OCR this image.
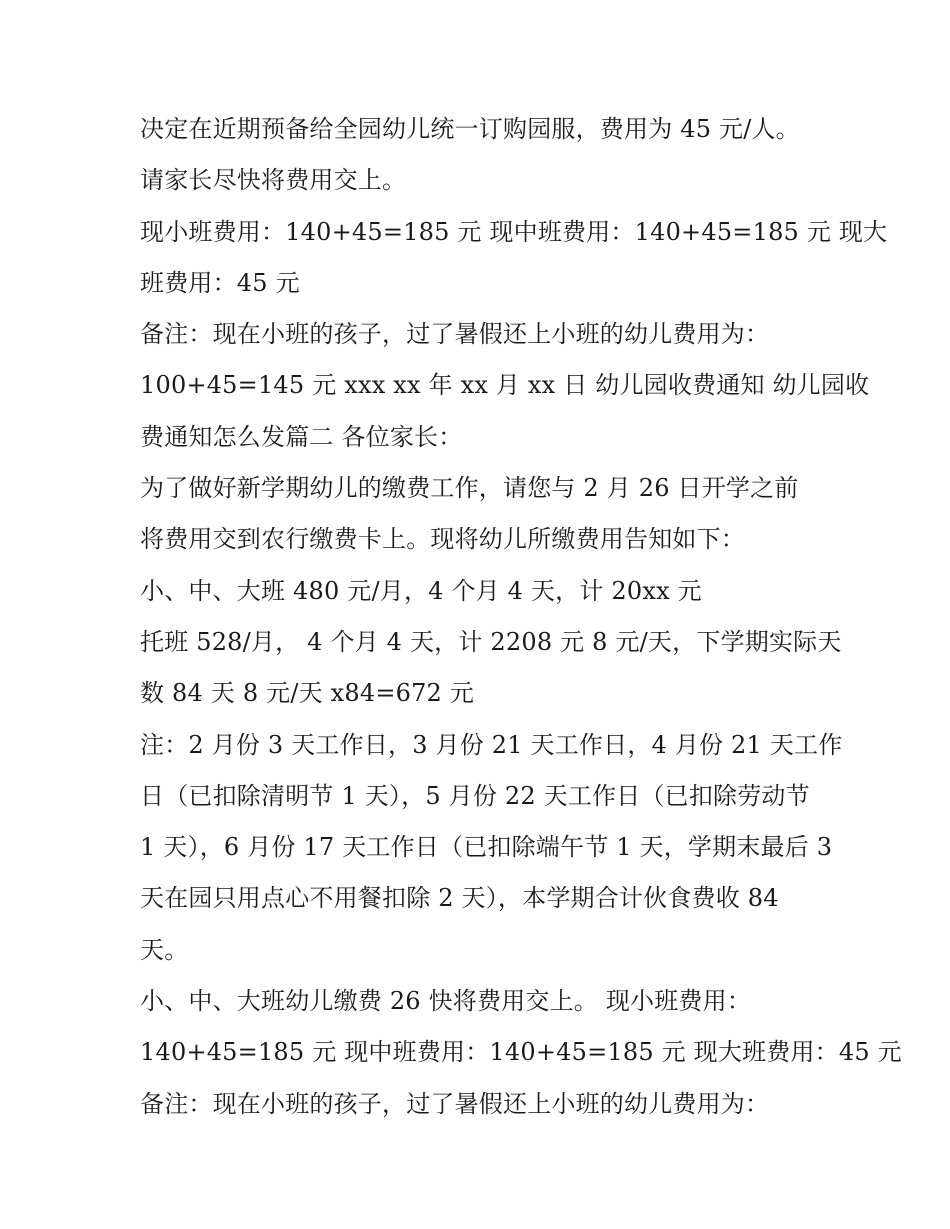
决定在近期预备给全园幼儿统一订购园服，费用为 45 元/人。
请家长尽快将费用交上。
现小班费用：140+45=185 元 现中班费用：140+45=185 元 现大
班费用：45 元
备注：现在小班的孩子，过了暑假还上小班的幼儿费用为：
100+45=145 元 xxx xx 年 xx 月 xx 日 幼儿园收费通知 幼儿园收
费通知怎么发篇二 各位家长：
为了做好新学期幼儿的缴费工作，请您与 2 月 26 日开学之前
将费用交到农行缴费卡上。现将幼儿所缴费用告知如下：
小、中、大班 480 元/月，4 个月 4 天，计 20xx 元
托班 528/月， 4 个月 4 天，计 2208 元 8 元/天，下学期实际天
数 84 天 8 元/天 x84=672 元
注：2 月份 3 天工作日，3 月份 21 天工作日，4 月份 21 天工作
日（已扣除清明节 1 天），5 月份 22 天工作日（已扣除劳动节
1 天），6 月份 17 天工作日（已扣除端午节 1 天，学期末最后 3
天在园只用点心不用餐扣除 2 天），本学期合计伙食费收 84
天。
小、中、大班幼儿缴费 26 快将费用交上。 现小班费用：
140+45=185 元 现中班费用：140+45=185 元 现大班费用：45 元
备注：现在小班的孩子，过了暑假还上小班的幼儿费用为：
